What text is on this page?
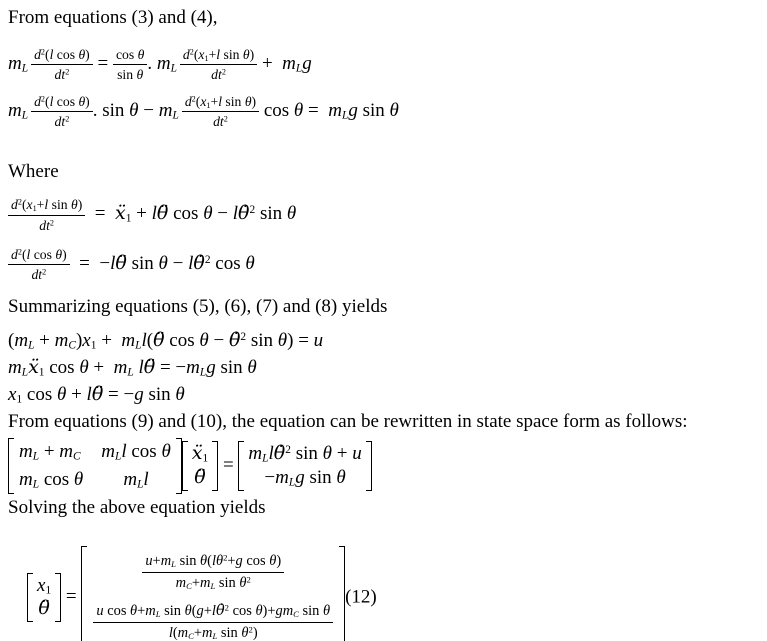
From equations (3) and (4),

$m_L \frac{d^2(l \cos \theta)}{dt^2} = \frac{\text{cos θ}}{\text{sin θ}}$ . $m_L \frac{d^2(x_1+l \sin \theta)}{dt^2} + m_Lg$
$m_L \frac{d^2(l \cos \theta)}{dt^2}$ . $\sin \theta - m_L \frac{d^2(x_1+l \sin \theta)}{dt^2}$ $\cos \theta = m_Lg$ sin θ

Where

$\frac{d^2(x_1+l \sin \theta)}{dt^2}$ =  $ẍ_1$ + lθ̈ cos θ − lθ̇$^2$ sin θ
$\frac{d^2(l \cos \theta)}{dt^2}$ =  −lθ̈ sin θ − lθ̇$^2$ cos θ

Summarizing equations (5), (6), (7) and (8) yields

$(m_L + m_C)x_1$ +  $m_Ll(\thetä$ cos θ − θ̇$^2$ sin θ) = u
$m_Lẍ_1$ $\cos \theta + m_L$ lθ̈ = $-m_Lg$ sin θ
$x_1$ cos θ + lθ̈ = −g sin θ

From equations (9) and (10), the equation can be rewritten in state space form as follows:

$m_L + m_C$ $m_Ll$ cos θ
$m_L$ cos θ $m_Ll$
$ẍ_1$
θ̈
=
$m_Ll\thetȧ^2$ sin θ + u
$-m_Lg$ sin θ

Solving the above equation yields

$x_1$
θ̈
=
$\frac{u+m_L \sin \theta(l\theta^2+g \cos \theta)}{m_C+m_L \sin \theta^2}$
$\frac{u \cos \theta+m_L \sin \theta(g+l\thetȧ^2 \cos \theta)+gm_C \sin \theta}{l(m_C+m_L \sin \theta^2)}$
(12)
